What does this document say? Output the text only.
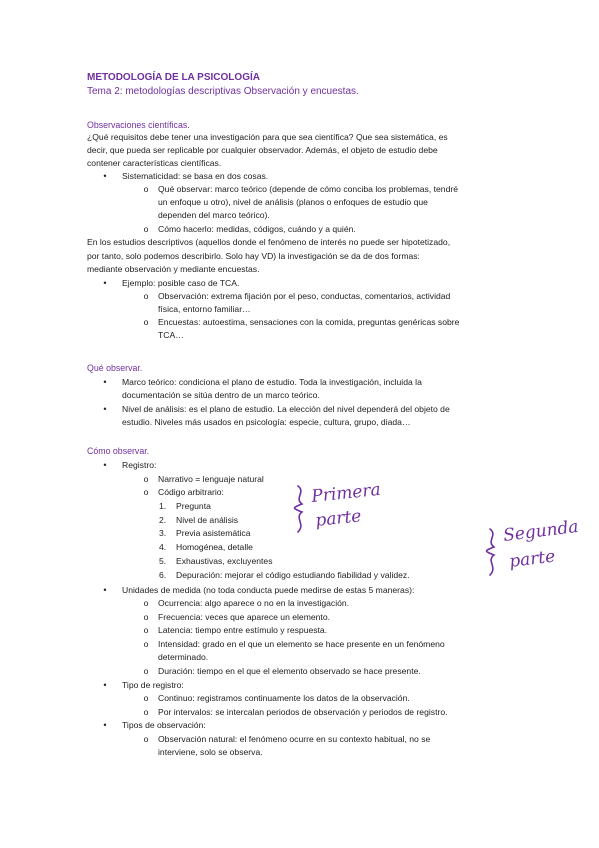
METODOLOGÍA DE LA PSICOLOGÍA
Tema 2: metodologías descriptivas Observación y encuestas.
Observaciones científicas.
¿Qué requisitos debe tener una investigación para que sea científica? Que sea sistemática, es
decir, que pueda ser replicable por cualquier observador. Además, el objeto de estudio debe
contener características científicas.
•	Sistematicidad: se basa en dos cosas.
o	Qué observar: marco teórico (depende de cómo conciba los problemas, tendré
un enfoque u otro), nivel de análisis (planos o enfoques de estudio que
dependen del marco teórico).
o	Cómo hacerlo: medidas, códigos, cuándo y a quién.
En los estudios descriptivos (aquellos donde el fenómeno de interés no puede ser hipotetizado,
por tanto, solo podemos describirlo. Solo hay VD) la investigación se da de dos formas:
mediante observación y mediante encuestas.
•	Ejemplo: posible caso de TCA.
o	Observación: extrema fijación por el peso, conductas, comentarios, actividad
física, entorno familiar…
o	Encuestas: autoestima, sensaciones con la comida, preguntas genéricas sobre
TCA…
Qué observar.
•	Marco teórico: condiciona el plano de estudio. Toda la investigación, incluida la
documentación se sitúa dentro de un marco teórico.
•	Nivel de análisis: es el plano de estudio. La elección del nivel dependerá del objeto de
estudio. Niveles más usados en psicología: especie, cultura, grupo, diada…
Cómo observar.
•	Registro:
o	Narrativo = lenguaje natural
o	Código arbitrario:
1. Pregunta
2. Nivel de análisis
3. Previa asistemática
4. Homogénea, detalle
5. Exhaustivas, excluyentes
6. Depuración: mejorar el código estudiando fiabilidad y validez.
•	Unidades de medida (no toda conducta puede medirse de estas 5 maneras):
o	Ocurrencia: algo aparece o no en la investigación.
o	Frecuencia: veces que aparece un elemento.
o	Latencia: tiempo entre estímulo y respuesta.
o	Intensidad: grado en el que un elemento se hace presente en un fenómeno
determinado.
o	Duración: tiempo en el que el elemento observado se hace presente.
•	Tipo de registro:
o	Continuo: registramos continuamente los datos de la observación.
o	Por intervalos: se intercalan periodos de observación y periodos de registro.
•	Tipos de observación:
o	Observación natural: el fenómeno ocurre en su contexto habitual, no se
interviene, solo se observa.
Primera
parte	Segunda
parte
